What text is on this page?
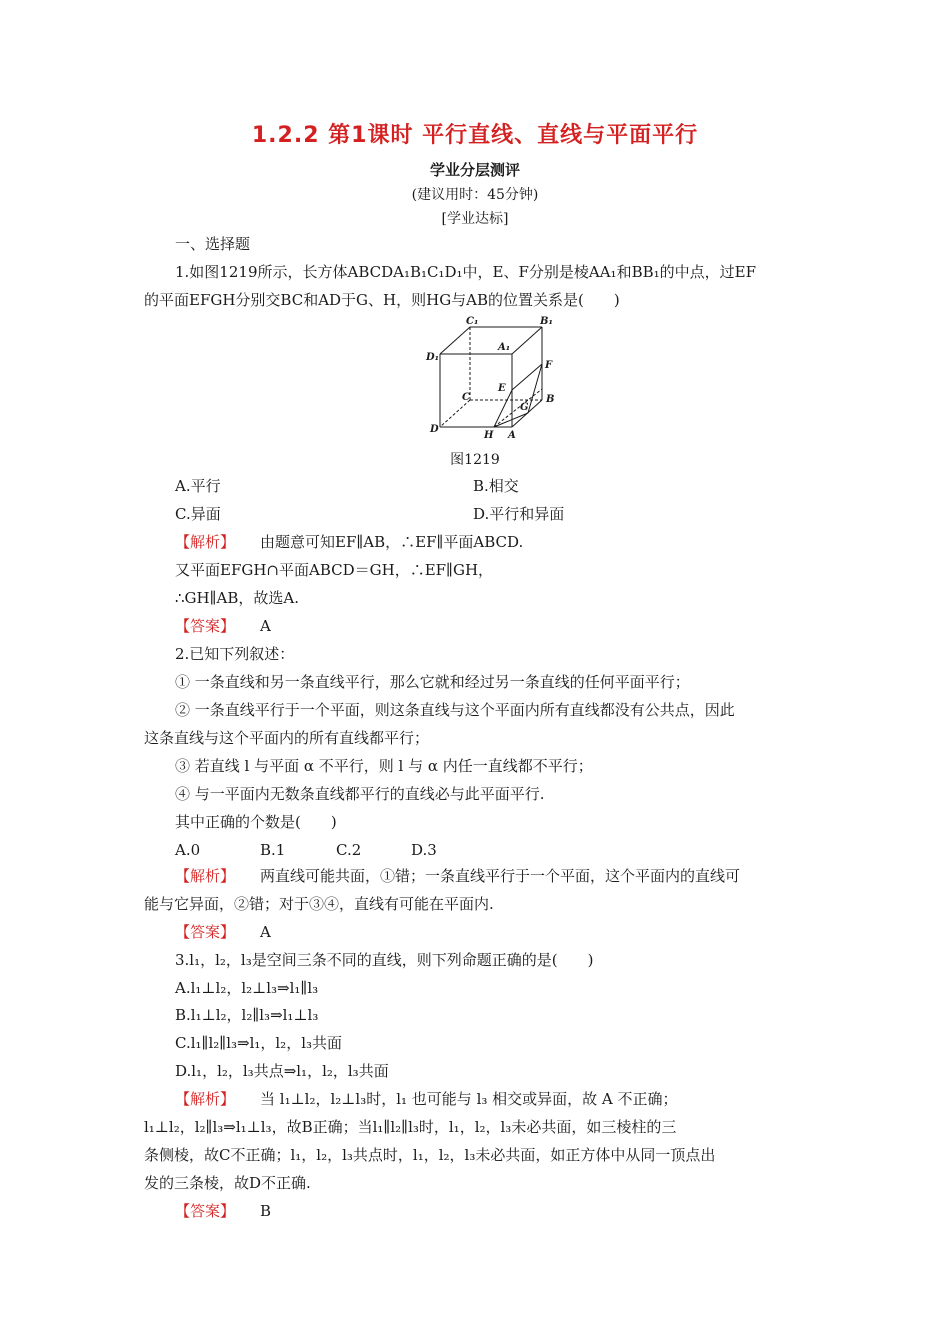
1.2.2 第1课时 平行直线、直线与平面平行
学业分层测评
(建议用时：45分钟)
[学业达标]
一、选择题
1.如图1219所示，长方体ABCDA₁B₁C₁D₁中，E、F分别是棱AA₁和BB₁的中点，过EF
的平面EFGH分别交BC和AD于G、H，则HG与AB的位置关系是(　　)
C₁	B₁
A₁
D₁
F
E
C
G
B
D
H A
图1219
A.平行	B.相交
C.异面	D.平行和异面
【解析】 由题意可知EF∥AB，∴EF∥平面ABCD.
又平面EFGH∩平面ABCD＝GH，∴EF∥GH，
∴GH∥AB，故选A.
【答案】 A
2.已知下列叙述：
① 一条直线和另一条直线平行，那么它就和经过另一条直线的任何平面平行；
② 一条直线平行于一个平面，则这条直线与这个平面内所有直线都没有公共点，因此
这条直线与这个平面内的所有直线都平行；
③ 若直线 l 与平面 α 不平行，则 l 与 α 内任一直线都不平行；
④ 与一平面内无数条直线都平行的直线必与此平面平行.
其中正确的个数是(　　)
A.0	B.1	C.2	D.3
【解析】 两直线可能共面，①错；一条直线平行于一个平面，这个平面内的直线可
能与它异面，②错；对于③④，直线有可能在平面内.
【答案】 A
3.l₁，l₂，l₃是空间三条不同的直线，则下列命题正确的是(　　)
A.l₁⊥l₂，l₂⊥l₃⇒l₁∥l₃
B.l₁⊥l₂，l₂∥l₃⇒l₁⊥l₃
C.l₁∥l₂∥l₃⇒l₁，l₂，l₃共面
D.l₁，l₂，l₃共点⇒l₁，l₂，l₃共面
【解析】 当 l₁⊥l₂，l₂⊥l₃时，l₁ 也可能与 l₃ 相交或异面，故 A 不正确；
l₁⊥l₂，l₂∥l₃⇒l₁⊥l₃，故B正确；当l₁∥l₂∥l₃时，l₁，l₂，l₃未必共面，如三棱柱的三
条侧棱，故C不正确；l₁，l₂，l₃共点时，l₁，l₂，l₃未必共面，如正方体中从同一顶点出
发的三条棱，故D不正确.
【答案】 B
